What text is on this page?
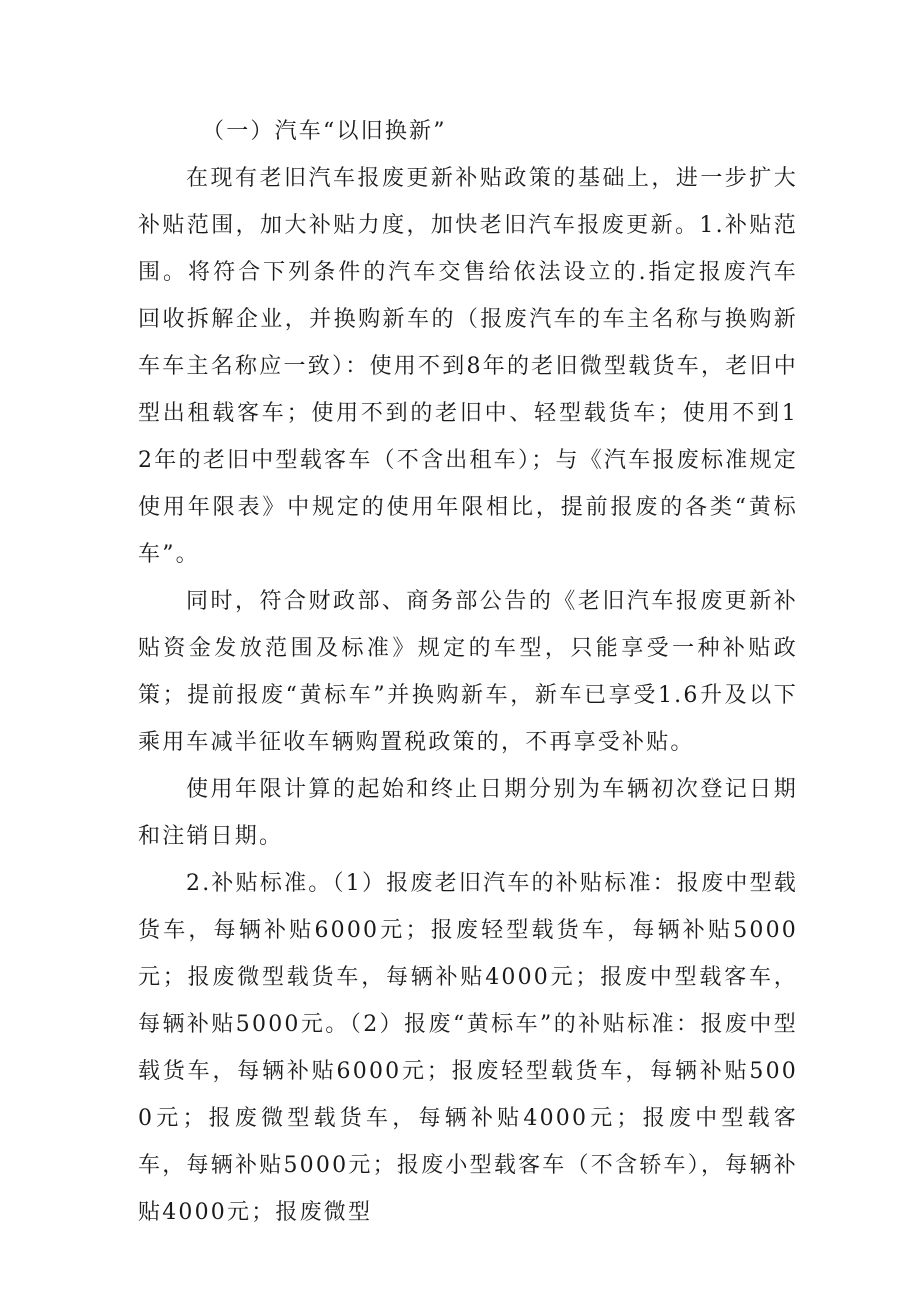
（一）汽车“以旧换新”

在现有老旧汽车报废更新补贴政策的基础上，进一步扩大补贴范围，加大补贴力度，加快老旧汽车报废更新。1.补贴范围。将符合下列条件的汽车交售给依法设立的.指定报废汽车回收拆解企业，并换购新车的（报废汽车的车主名称与换购新车车主名称应一致）：使用不到8年的老旧微型载货车，老旧中型出租载客车；使用不到的老旧中、轻型载货车；使用不到12年的老旧中型载客车（不含出租车）；与《汽车报废标准规定使用年限表》中规定的使用年限相比，提前报废的各类“黄标车”。

同时，符合财政部、商务部公告的《老旧汽车报废更新补贴资金发放范围及标准》规定的车型，只能享受一种补贴政策；提前报废“黄标车”并换购新车，新车已享受1.6升及以下乘用车减半征收车辆购置税政策的，不再享受补贴。

使用年限计算的起始和终止日期分别为车辆初次登记日期和注销日期。

2.补贴标准。（1）报废老旧汽车的补贴标准：报废中型载货车，每辆补贴6000元；报废轻型载货车，每辆补贴5000元；报废微型载货车，每辆补贴4000元；报废中型载客车，每辆补贴5000元。（2）报废“黄标车”的补贴标准：报废中型载货车，每辆补贴6000元；报废轻型载货车，每辆补贴5000元；报废微型载货车，每辆补贴4000元；报废中型载客车，每辆补贴5000元；报废小型载客车（不含轿车），每辆补贴4000元；报废微型
